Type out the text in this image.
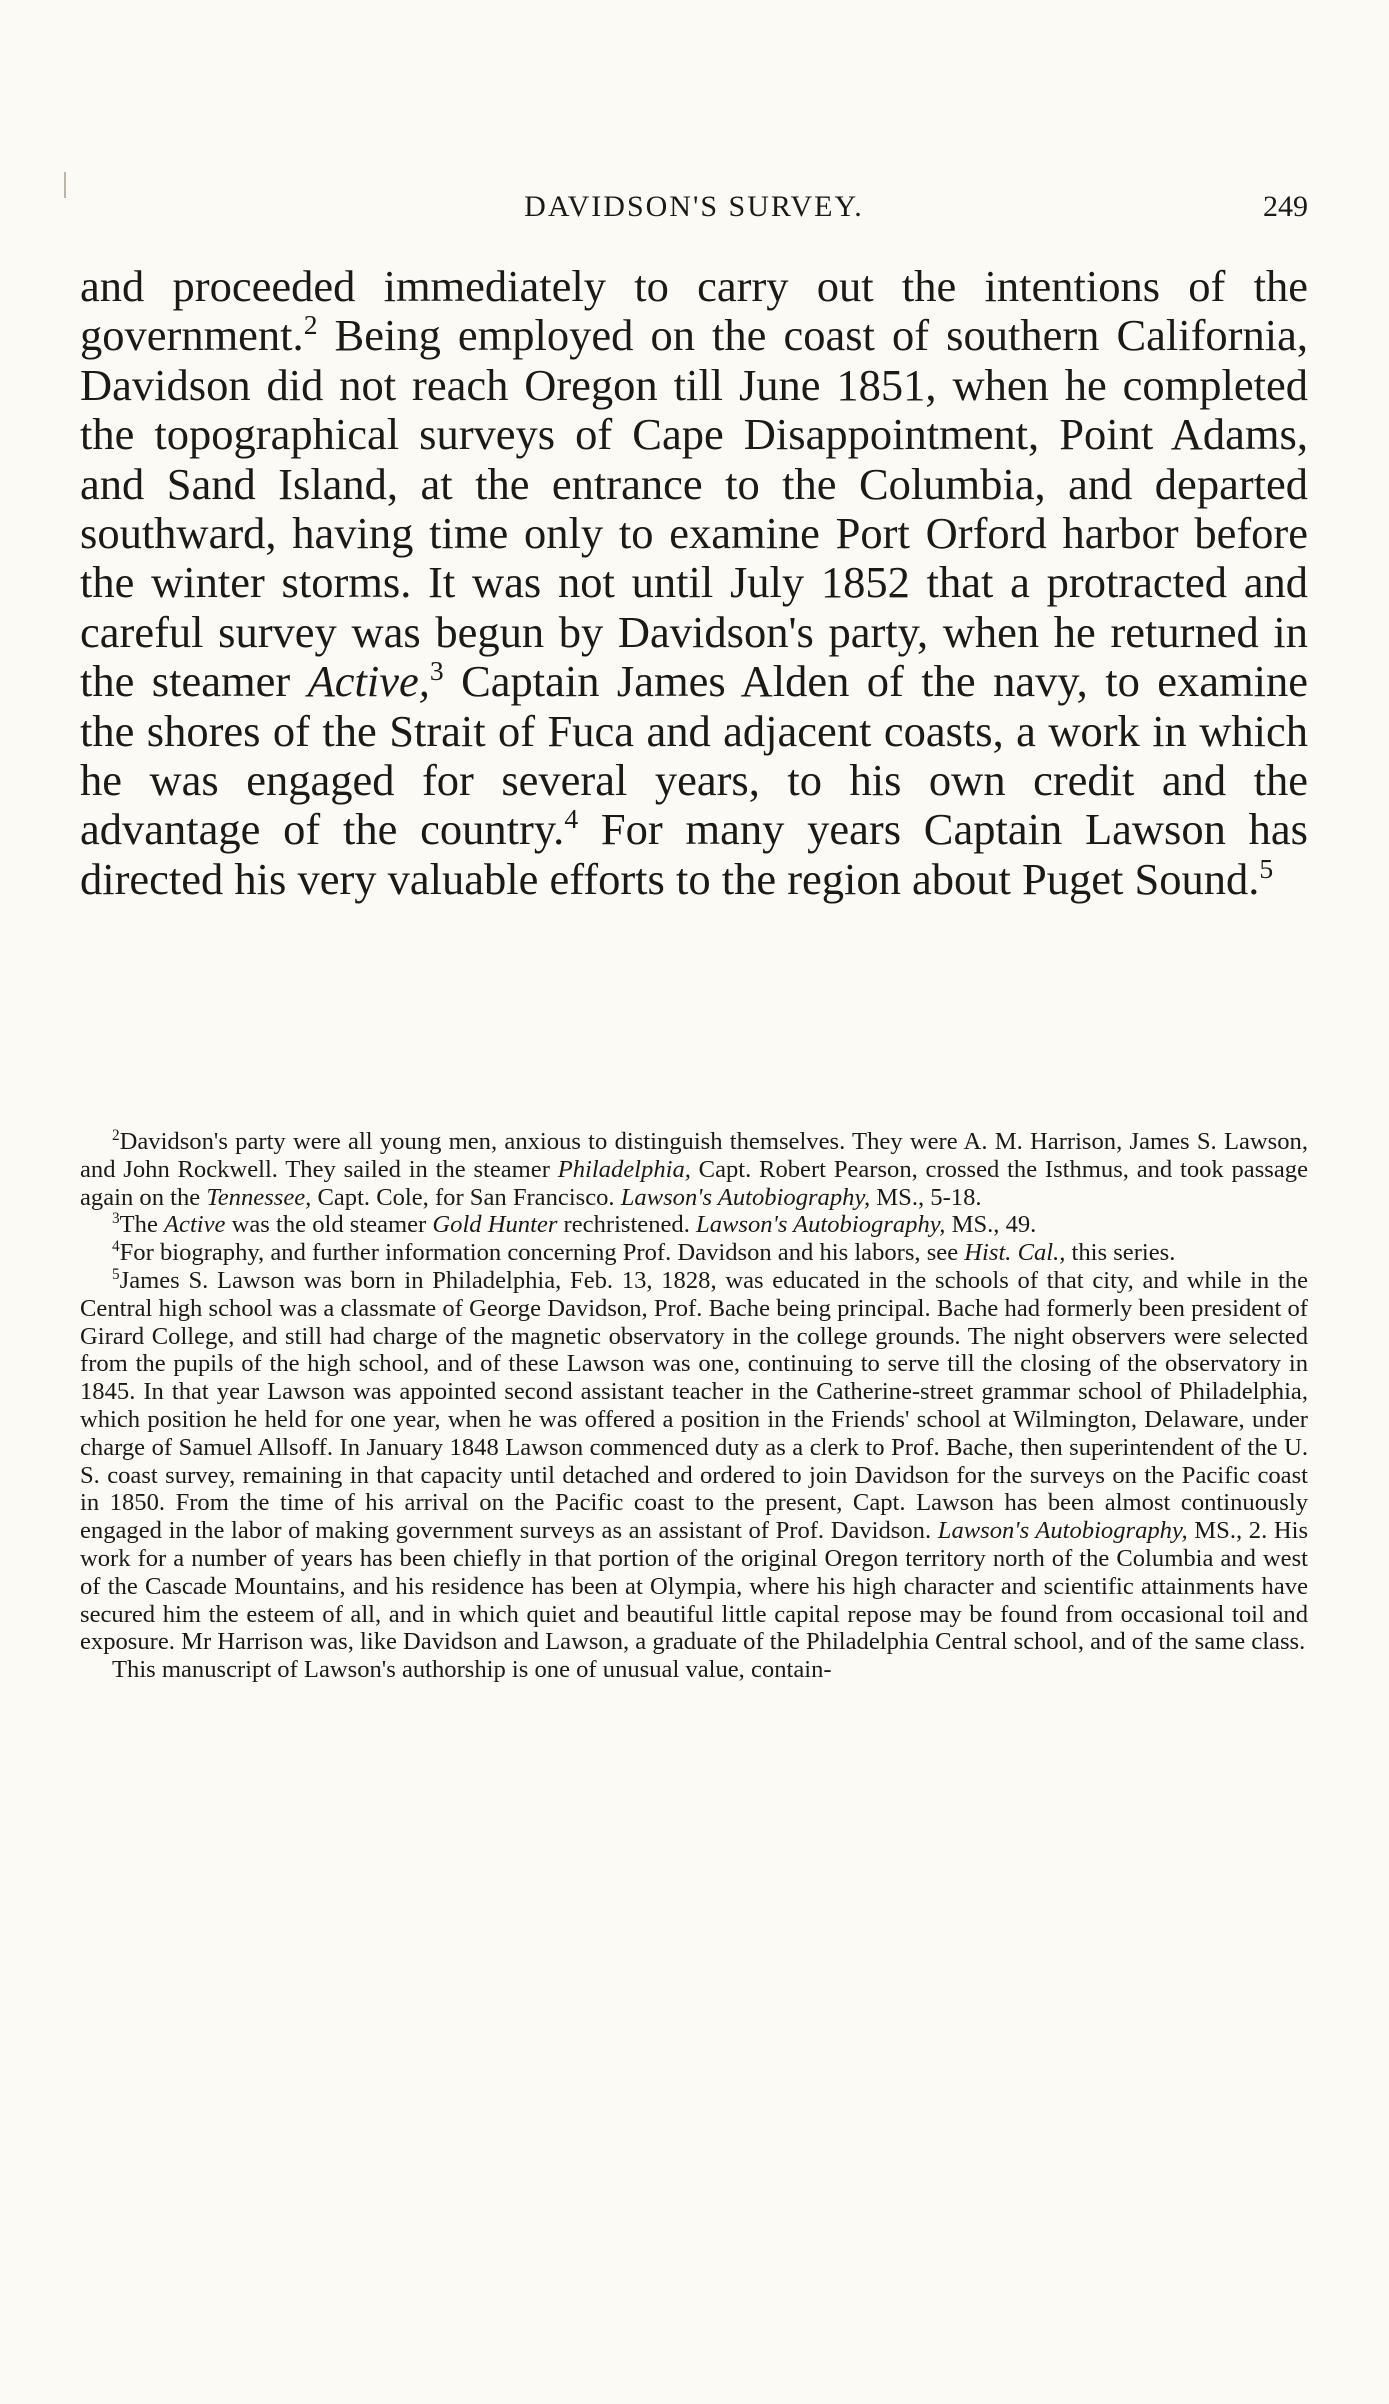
DAVIDSON'S SURVEY.	249

and proceeded immediately to carry out the intentions of the government.$^2$ Being employed on the coast of southern California, Davidson did not reach Oregon till June 1851, when he completed the topographical surveys of Cape Disappointment, Point Adams, and Sand Island, at the entrance to the Columbia, and departed southward, having time only to examine Port Orford harbor before the winter storms. It was not until July 1852 that a protracted and careful survey was begun by Davidson's party, when he returned in the steamer Active,$^3$ Captain James Alden of the navy, to examine the shores of the Strait of Fuca and adjacent coasts, a work in which he was engaged for several years, to his own credit and the advantage of the country.$^4$ For many years Captain Lawson has directed his very valuable efforts to the region about Puget Sound.$^5$

$^2$Davidson's party were all young men, anxious to distinguish themselves. They were A. M. Harrison, James S. Lawson, and John Rockwell. They sailed in the steamer Philadelphia, Capt. Robert Pearson, crossed the Isthmus, and took passage again on the Tennessee, Capt. Cole, for San Francisco. Lawson's Autobiography, MS., 5-18.

$^3$The Active was the old steamer Gold Hunter rechristened. Lawson's Autobiography, MS., 49.

$^4$For biography, and further information concerning Prof. Davidson and his labors, see Hist. Cal., this series.

$^5$James S. Lawson was born in Philadelphia, Feb. 13, 1828, was educated in the schools of that city, and while in the Central high school was a classmate of George Davidson, Prof. Bache being principal. Bache had formerly been president of Girard College, and still had charge of the magnetic observatory in the college grounds. The night observers were selected from the pupils of the high school, and of these Lawson was one, continuing to serve till the closing of the observatory in 1845. In that year Lawson was appointed second assistant teacher in the Catherine-street grammar school of Philadelphia, which position he held for one year, when he was offered a position in the Friends' school at Wilmington, Delaware, under charge of Samuel Allsoff. In January 1848 Lawson commenced duty as a clerk to Prof. Bache, then superintendent of the U. S. coast survey, remaining in that capacity until detached and ordered to join Davidson for the surveys on the Pacific coast in 1850. From the time of his arrival on the Pacific coast to the present, Capt. Lawson has been almost continuously engaged in the labor of making government surveys as an assistant of Prof. Davidson. Lawson's Autobiography, MS., 2. His work for a number of years has been chiefly in that portion of the original Oregon territory north of the Columbia and west of the Cascade Mountains, and his residence has been at Olympia, where his high character and scientific attainments have secured him the esteem of all, and in which quiet and beautiful little capital repose may be found from occasional toil and exposure. Mr Harrison was, like Davidson and Lawson, a graduate of the Philadelphia Central school, and of the same class.

This manuscript of Lawson's authorship is one of unusual value, contain-
